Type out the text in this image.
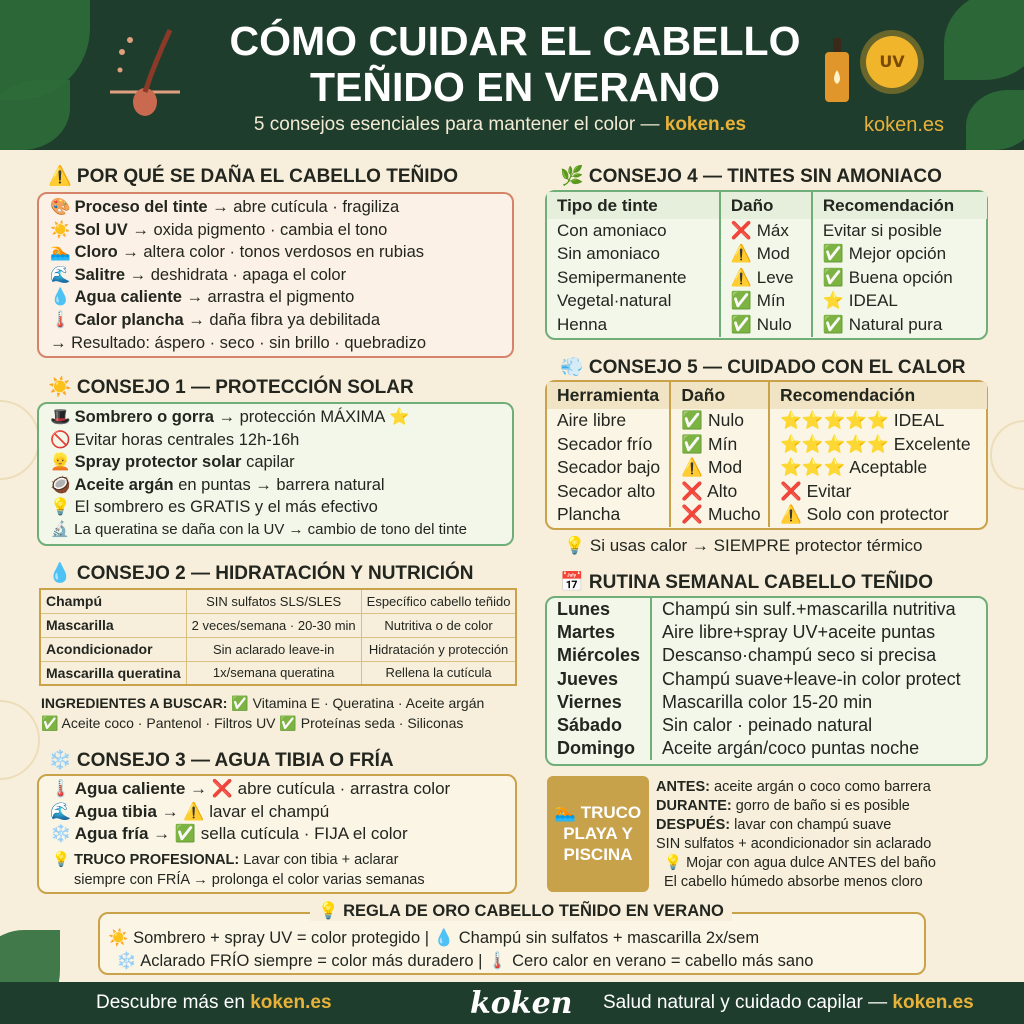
CÓMO CUIDAR EL CABELLO
TEÑIDO EN VERANO
5 consejos esenciales para mantener el color — koken.es
UV
koken.es
⚠️ POR QUÉ SE DAÑA EL CABELLO TEÑIDO
🎨 Proceso del tinte → abre cutícula · fragiliza
☀️ Sol UV → oxida pigmento · cambia el tono
🏊 Cloro → altera color · tonos verdosos en rubias
🌊 Salitre → deshidrata · apaga el color
💧 Agua caliente → arrastra el pigmento
🌡️ Calor plancha → daña fibra ya debilitada
→ Resultado: áspero · seco · sin brillo · quebradizo
☀️ CONSEJO 1 — PROTECCIÓN SOLAR
🎩 Sombrero o gorra → protección MÁXIMA ⭐
🚫 Evitar horas centrales 12h-16h
👱 Spray protector solar capilar
🥥 Aceite argán en puntas → barrera natural
💡 El sombrero es GRATIS y el más efectivo
🔬 La queratina se daña con la UV → cambio de tono del tinte
💧 CONSEJO 2 — HIDRATACIÓN Y NUTRICIÓN
Champú	SIN sulfatos SLS/SLES	Específico cabello teñido
Mascarilla	2 veces/semana · 20-30 min	Nutritiva o de color
Acondicionador	Sin aclarado leave-in	Hidratación y protección
Mascarilla queratina	1x/semana queratina	Rellena la cutícula
INGREDIENTES A BUSCAR: ✅ Vitamina E · Queratina · Aceite argán
✅ Aceite coco · Pantenol · Filtros UV ✅ Proteínas seda · Siliconas
❄️ CONSEJO 3 — AGUA TIBIA O FRÍA
🌡️ Agua caliente → ❌ abre cutícula · arrastra color
🌊 Agua tibia → ⚠️ lavar el champú
❄️ Agua fría → ✅ sella cutícula · FIJA el color
💡 TRUCO PROFESIONAL: Lavar con tibia + aclarar
siempre con FRÍA → prolonga el color varias semanas
🌿 CONSEJO 4 — TINTES SIN AMONIACO
Tipo de tinte	Daño	Recomendación
Con amoniaco	❌ Máx	Evitar si posible
Sin amoniaco	⚠️ Mod	✅ Mejor opción
Semipermanente	⚠️ Leve	✅ Buena opción
Vegetal·natural	✅ Mín	⭐ IDEAL
Henna	✅ Nulo	✅ Natural pura
💨 CONSEJO 5 — CUIDADO CON EL CALOR
Herramienta	Daño	Recomendación
Aire libre	✅ Nulo	⭐⭐⭐⭐⭐ IDEAL
Secador frío	✅ Mín	⭐⭐⭐⭐⭐ Excelente
Secador bajo	⚠️ Mod	⭐⭐⭐ Aceptable
Secador alto	❌ Alto	❌ Evitar
Plancha	❌ Mucho	⚠️ Solo con protector
💡 Si usas calor → SIEMPRE protector térmico
📅 RUTINA SEMANAL CABELLO TEÑIDO
Lunes	Champú sin sulf.+mascarilla nutritiva
Martes	Aire libre+spray UV+aceite puntas
Miércoles	Descanso·champú seco si precisa
Jueves	Champú suave+leave-in color protect
Viernes	Mascarilla color 15-20 min
Sábado	Sin calor · peinado natural
Domingo	Aceite argán/coco puntas noche
🏊 TRUCO
PLAYA Y
PISCINA
ANTES: aceite argán o coco como barrera
DURANTE: gorro de baño si es posible
DESPUÉS: lavar con champú suave
SIN sulfatos + acondicionador sin aclarado
💡 Mojar con agua dulce ANTES del baño
El cabello húmedo absorbe menos cloro
💡 REGLA DE ORO CABELLO TEÑIDO EN VERANO
☀️ Sombrero + spray UV = color protegido | 💧 Champú sin sulfatos + mascarilla 2x/sem
❄️ Aclarado FRÍO siempre = color más duradero | 🌡️ Cero calor en verano = cabello más sano
Descubre más en koken.es	koken Salud natural y cuidado capilar — koken.es
